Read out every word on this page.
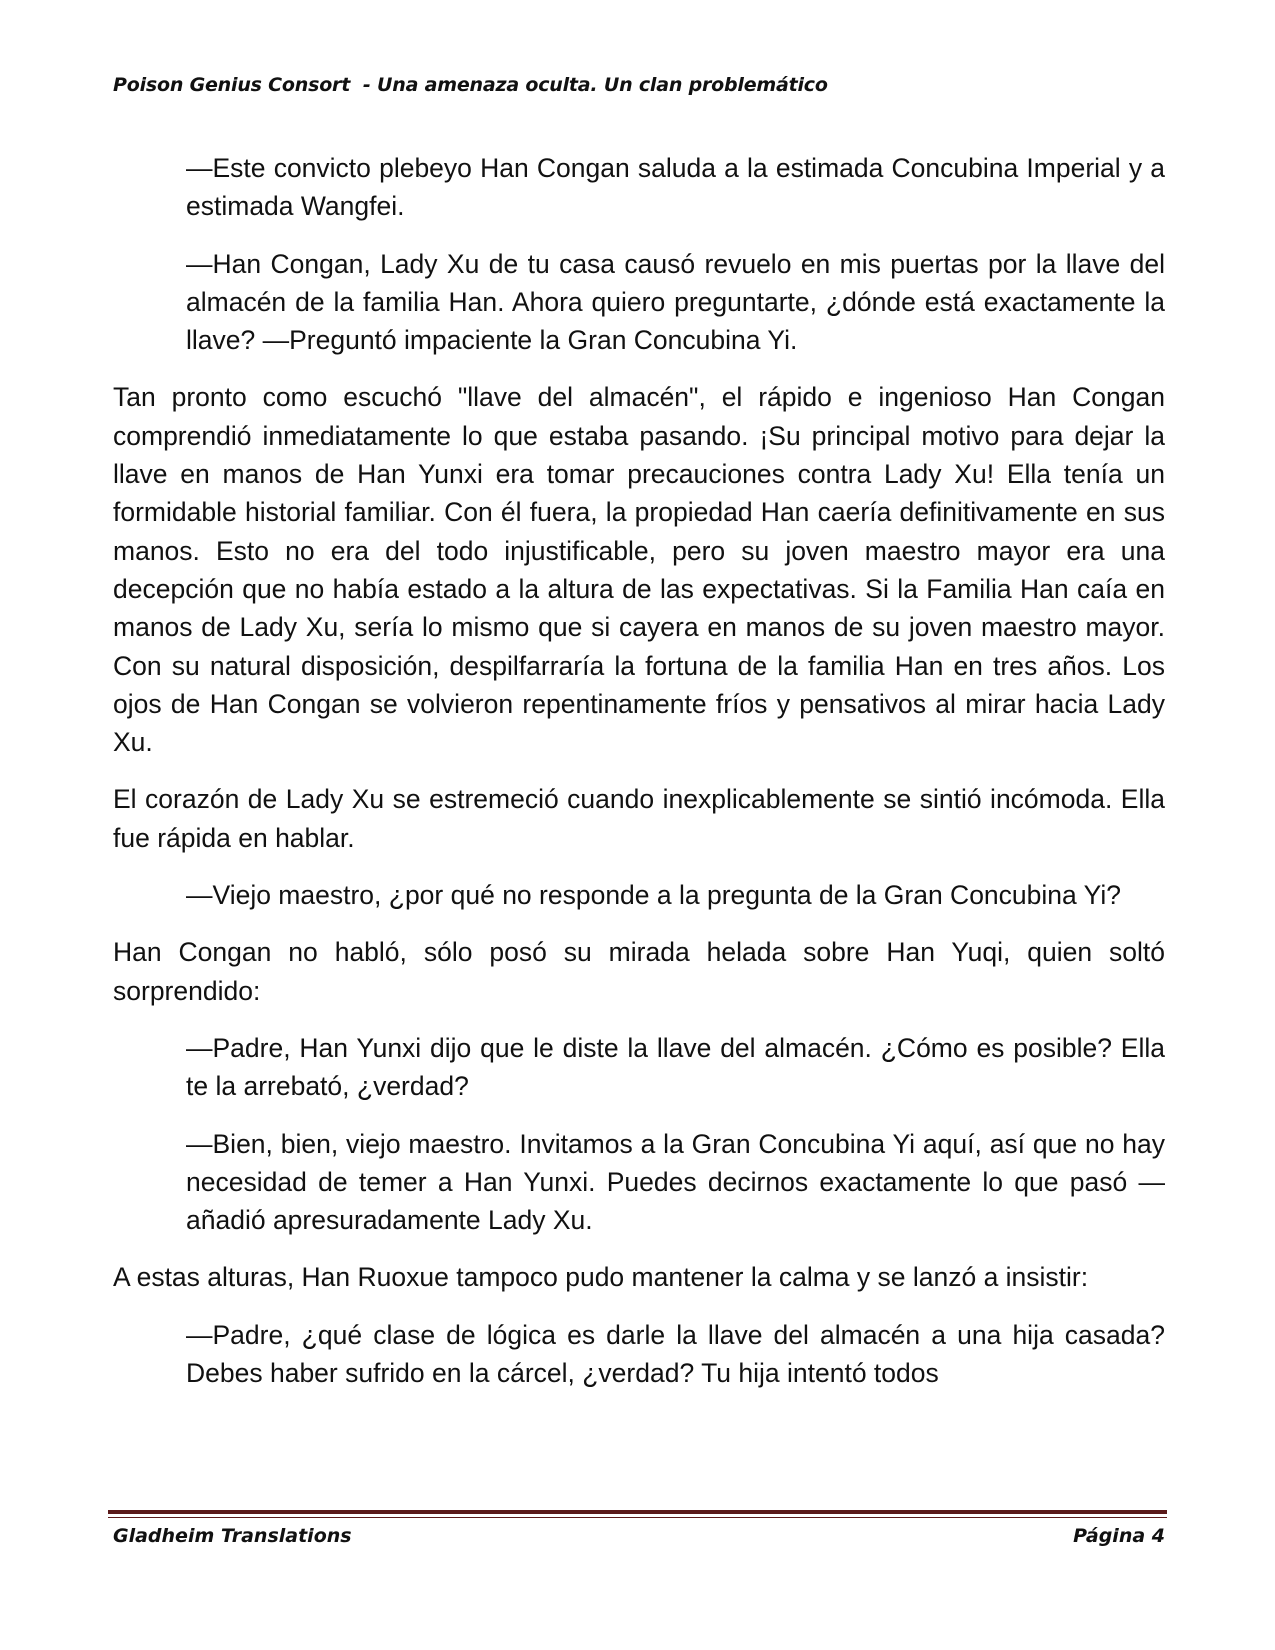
Poison Genius Consort  - Una amenaza oculta. Un clan problemático

—Este convicto plebeyo Han Congan saluda a la estimada Concubina Imperial y a estimada Wangfei.

—Han Congan, Lady Xu de tu casa causó revuelo en mis puertas por la llave del almacén de la familia Han. Ahora quiero preguntarte, ¿dónde está exactamente la llave? —Preguntó impaciente la Gran Concubina Yi.

Tan pronto como escuchó "llave del almacén", el rápido e ingenioso Han Congan comprendió inmediatamente lo que estaba pasando. ¡Su principal motivo para dejar la llave en manos de Han Yunxi era tomar precauciones contra Lady Xu! Ella tenía un formidable historial familiar. Con él fuera, la propiedad Han caería definitivamente en sus manos. Esto no era del todo injustificable, pero su joven maestro mayor era una decepción que no había estado a la altura de las expectativas. Si la Familia Han caía en manos de Lady Xu, sería lo mismo que si cayera en manos de su joven maestro mayor. Con su natural disposición, despilfarraría la fortuna de la familia Han en tres años. Los ojos de Han Congan se volvieron repentinamente fríos y pensativos al mirar hacia Lady Xu.

El corazón de Lady Xu se estremeció cuando inexplicablemente se sintió incómoda. Ella fue rápida en hablar.

—Viejo maestro, ¿por qué no responde a la pregunta de la Gran Concubina Yi?

Han Congan no habló, sólo posó su mirada helada sobre Han Yuqi, quien soltó sorprendido:

—Padre, Han Yunxi dijo que le diste la llave del almacén. ¿Cómo es posible? Ella te la arrebató, ¿verdad?

—Bien, bien, viejo maestro. Invitamos a la Gran Concubina Yi aquí, así que no hay necesidad de temer a Han Yunxi. Puedes decirnos exactamente lo que pasó —añadió apresuradamente Lady Xu.

A estas alturas, Han Ruoxue tampoco pudo mantener la calma y se lanzó a insistir:

—Padre, ¿qué clase de lógica es darle la llave del almacén a una hija casada? Debes haber sufrido en la cárcel, ¿verdad? Tu hija intentó todos

Gladheim Translations	Página 4
